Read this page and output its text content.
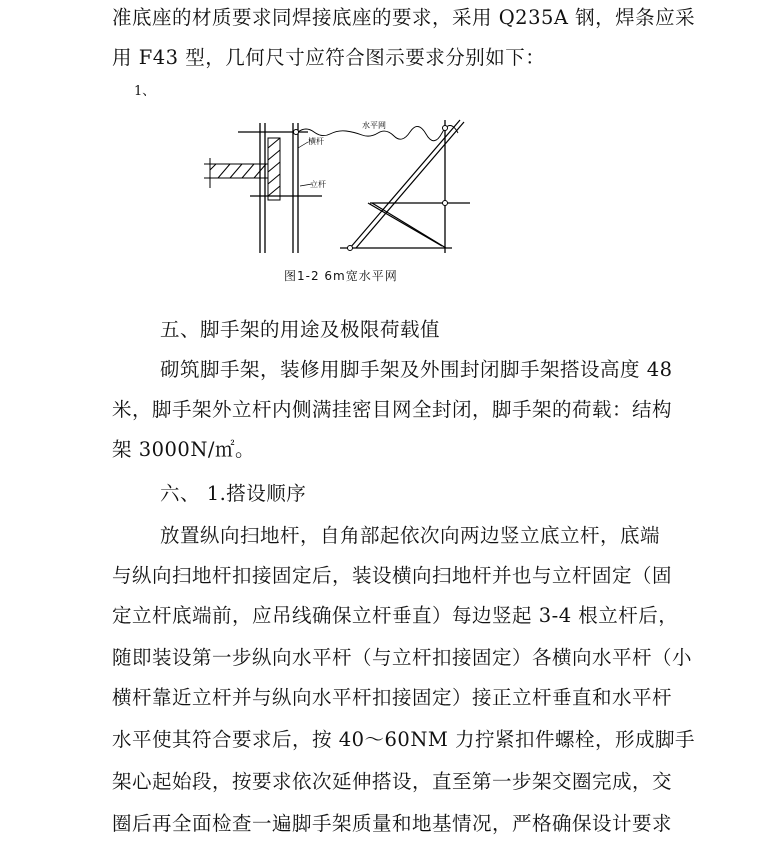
准底座的材质要求同焊接底座的要求，采用 Q235A 钢，焊条应采
用 F43 型，几何尺寸应符合图示要求分别如下：
1、
水平网
横杆
立杆
图1-2 6m宽水平网
五、脚手架的用途及极限荷载值
砌筑脚手架，装修用脚手架及外围封闭脚手架搭设高度 48
米，脚手架外立杆内侧满挂密目网全封闭，脚手架的荷载：结构
架 3000N/㎡。
六、 1.搭设顺序
放置纵向扫地杆，自角部起依次向两边竖立底立杆，底端
与纵向扫地杆扣接固定后，装设横向扫地杆并也与立杆固定（固
定立杆底端前，应吊线确保立杆垂直）每边竖起 3-4 根立杆后，
随即装设第一步纵向水平杆（与立杆扣接固定）各横向水平杆（小
横杆靠近立杆并与纵向水平杆扣接固定）接正立杆垂直和水平杆
水平使其符合要求后，按 40～60NM 力拧紧扣件螺栓，形成脚手
架心起始段，按要求依次延伸搭设，直至第一步架交圈完成，交
圈后再全面检查一遍脚手架质量和地基情况，严格确保设计要求
